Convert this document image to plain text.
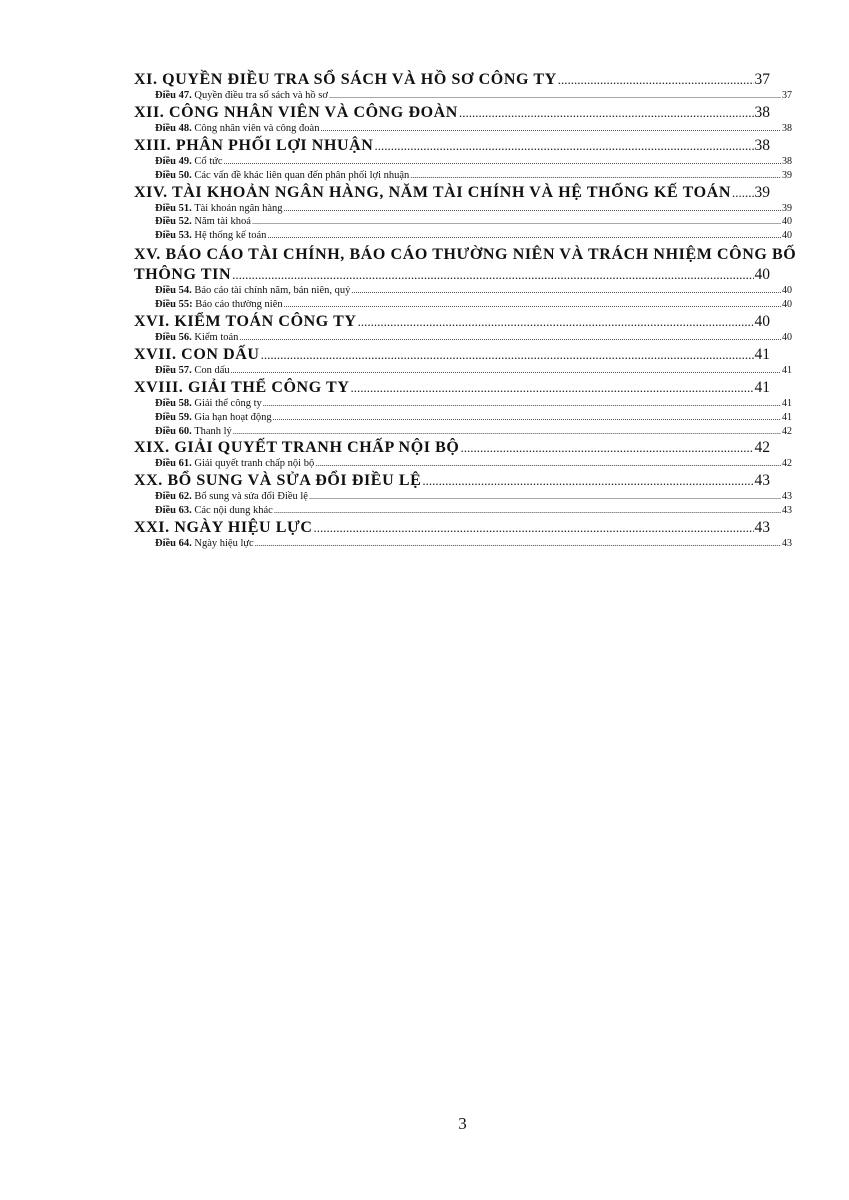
XI. QUYỀN ĐIỀU TRA SỔ SÁCH VÀ HỒ SƠ CÔNG TY .....	37
Điều 47. Quyền điều tra sổ sách và hồ sơ .....	37
XII. CÔNG NHÂN VIÊN VÀ CÔNG ĐOÀN .....	38
Điều 48. Công nhân viên và công đoàn .....	38
XIII. PHÂN PHỐI LỢI NHUẬN .....	38
Điều 49. Cổ tức .....	38
Điều 50. Các vấn đề khác liên quan đến phân phối lợi nhuận .....	39
XIV. TÀI KHOẢN NGÂN HÀNG, NĂM TÀI CHÍNH VÀ HỆ THỐNG KẾ TOÁN ..... 39
Điều 51. Tài khoản ngân hàng .....	39
Điều 52. Năm tài khoá .....	40
Điều 53. Hệ thống kế toán .....	40
XV. BÁO CÁO TÀI CHÍNH, BÁO CÁO THƯỜNG NIÊN VÀ TRÁCH NHIỆM CÔNG BỐ
THÔNG TIN .....	40
Điều 54. Báo cáo tài chính năm, bán niên, quý .....	40
Điều 55: Báo cáo thường niên .....	40
XVI. KIỂM TOÁN CÔNG TY .....	40
Điều 56. Kiểm toán .....	40
XVII. CON DẤU .....	41
Điều 57. Con dấu .....	41
XVIII. GIẢI THỂ CÔNG TY .....	41
Điều 58. Giải thể công ty .....	41
Điều 59. Gia hạn hoạt động .....	41
Điều 60. Thanh lý .....	42
XIX. GIẢI QUYẾT TRANH CHẤP NỘI BỘ .....	42
Điều 61. Giải quyết tranh chấp nội bộ .....	42
XX. BỔ SUNG VÀ SỬA ĐỔI ĐIỀU LỆ .....	43
Điều 62. Bổ sung và sửa đổi Điều lệ .....	43
Điều 63. Các nội dung khác .....	43
XXI. NGÀY HIỆU LỰC .....	43
Điều 64. Ngày hiệu lực .....	43
3
